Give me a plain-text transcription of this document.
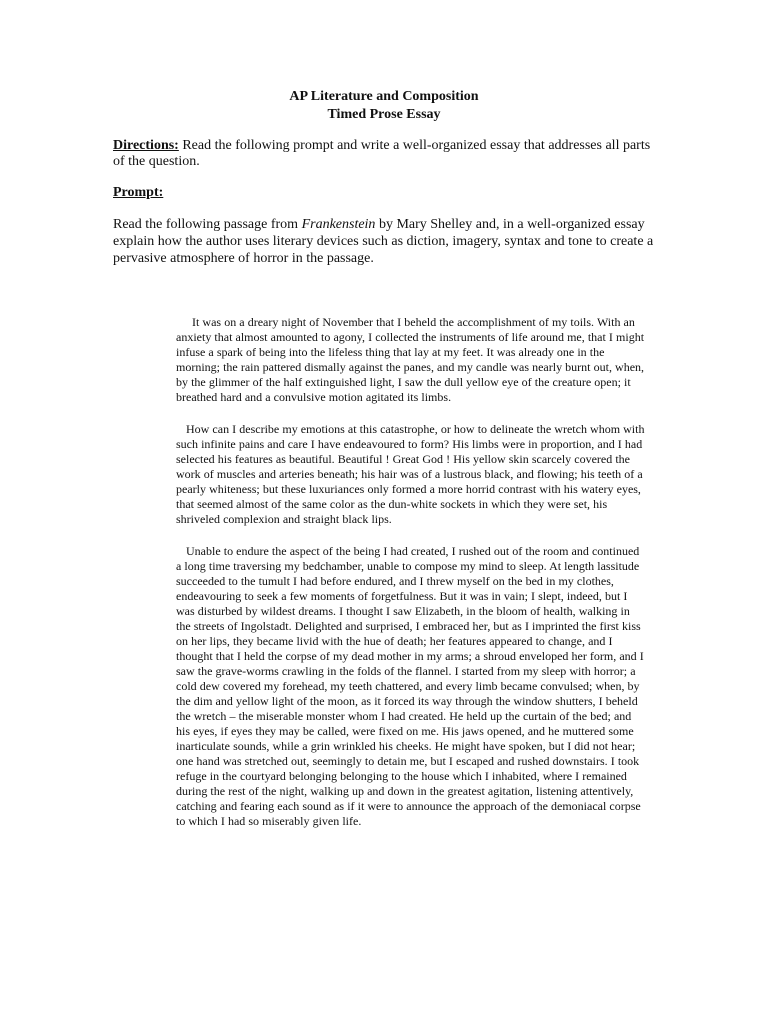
AP Literature and Composition
Timed Prose Essay
Directions: Read the following prompt and write a well-organized essay that addresses all parts of the question.
Prompt:
Read the following passage from Frankenstein by Mary Shelley and, in a well-organized essay explain how the author uses literary devices such as diction, imagery, syntax and tone to create a pervasive atmosphere of horror in the passage.
It was on a dreary night of November that I beheld the accomplishment of my toils. With an anxiety that almost amounted to agony, I collected the instruments of life around me, that I might infuse a spark of being into the lifeless thing that lay at my feet. It was already one in the morning; the rain pattered dismally against the panes, and my candle was nearly burnt out, when, by the glimmer of the half extinguished light, I saw the dull yellow eye of the creature open; it breathed hard and a convulsive motion agitated its limbs.
How can I describe my emotions at this catastrophe, or how to delineate the wretch whom with such infinite pains and care I have endeavoured to form? His limbs were in proportion, and I had selected his features as beautiful. Beautiful ! Great God ! His yellow skin scarcely covered the work of muscles and arteries beneath; his hair was of a lustrous black, and flowing; his teeth of a pearly whiteness; but these luxuriances only formed a more horrid contrast with his watery eyes, that seemed almost of the same color as the dun-white sockets in which they were set, his shriveled complexion and straight black lips.
Unable to endure the aspect of the being I had created, I rushed out of the room and continued a long time traversing my bedchamber, unable to compose my mind to sleep. At length lassitude succeeded to the tumult I had before endured, and I threw myself on the bed in my clothes, endeavouring to seek a few moments of forgetfulness. But it was in vain; I slept, indeed, but I was disturbed by wildest dreams. I thought I saw Elizabeth, in the bloom of health, walking in the streets of Ingolstadt. Delighted and surprised, I embraced her, but as I imprinted the first kiss on her lips, they became livid with the hue of death; her features appeared to change, and I thought that I held the corpse of my dead mother in my arms; a shroud enveloped her form, and I saw the grave-worms crawling in the folds of the flannel. I started from my sleep with horror; a cold dew covered my forehead, my teeth chattered, and every limb became convulsed; when, by the dim and yellow light of the moon, as it forced its way through the window shutters, I beheld the wretch – the miserable monster whom I had created. He held up the curtain of the bed; and his eyes, if eyes they may be called, were fixed on me. His jaws opened, and he muttered some inarticulate sounds, while a grin wrinkled his cheeks. He might have spoken, but I did not hear; one hand was stretched out, seemingly to detain me, but I escaped and rushed downstairs. I took refuge in the courtyard belonging belonging to the house which I inhabited, where I remained during the rest of the night, walking up and down in the greatest agitation, listening attentively, catching and fearing each sound as if it were to announce the approach of the demoniacal corpse to which I had so miserably given life.
